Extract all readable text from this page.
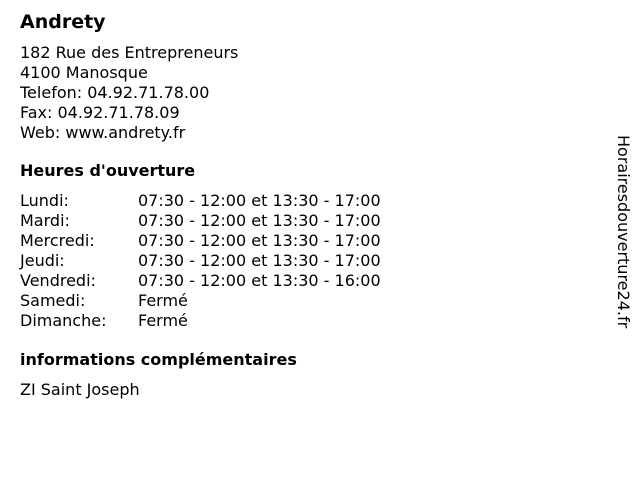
Andrety
182 Rue des Entrepreneurs
4100 Manosque
Telefon: 04.92.71.78.00
Fax: 04.92.71.78.09
Web: www.andrety.fr
Heures d'ouverture
Lundi:	07:30 - 12:00 et 13:30 - 17:00
Mardi:	07:30 - 12:00 et 13:30 - 17:00
Mercredi:	07:30 - 12:00 et 13:30 - 17:00
Jeudi:	07:30 - 12:00 et 13:30 - 17:00
Vendredi:	07:30 - 12:00 et 13:30 - 16:00
Samedi:	Fermé
Dimanche:	Fermé
informations complémentaires
ZI Saint Joseph
Horairesdouverture24.fr
